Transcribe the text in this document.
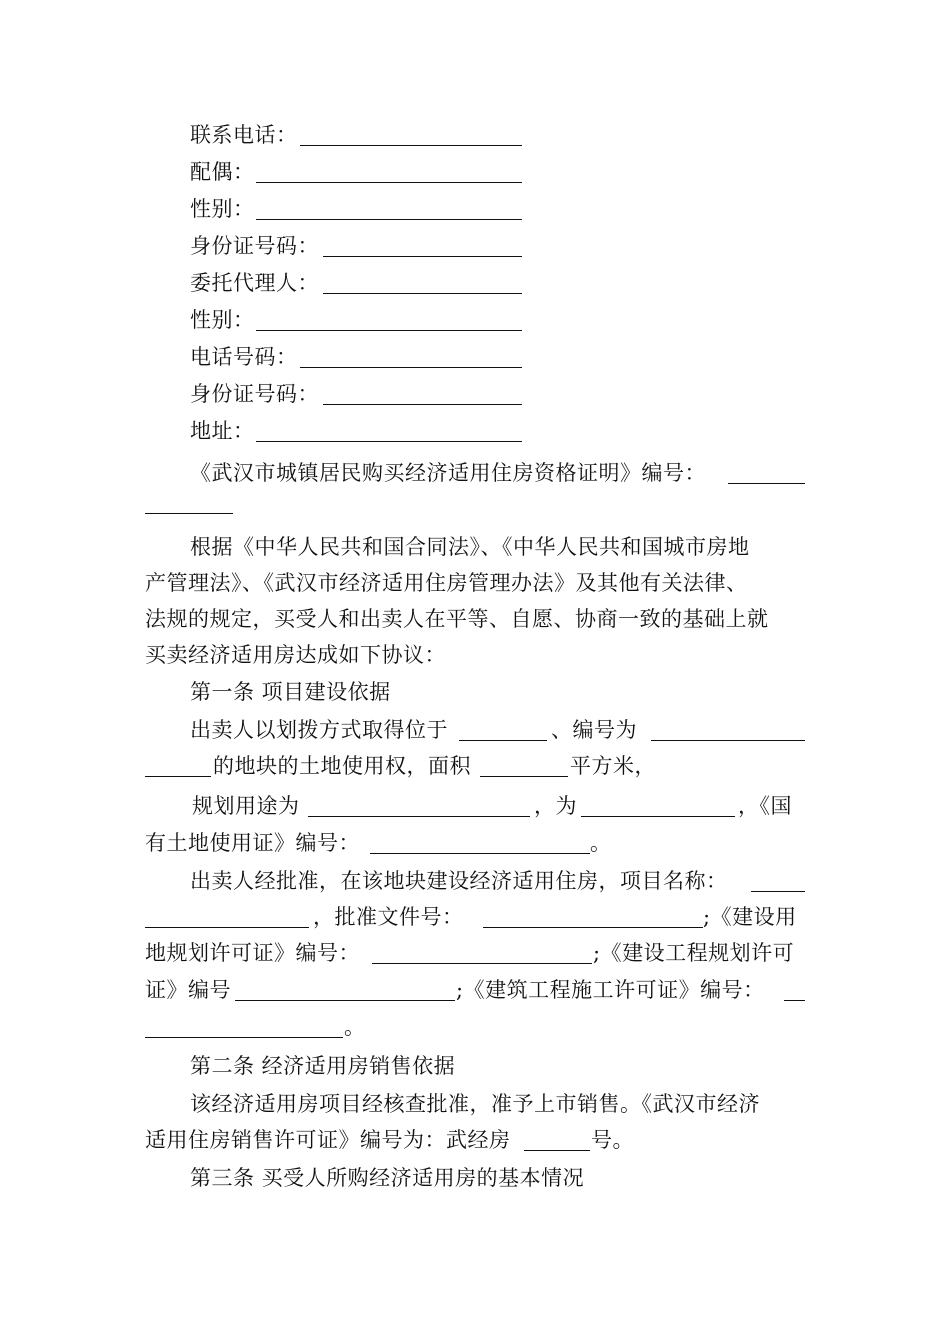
联系电话：
配偶：
性别：
身份证号码：
委托代理人：
性别：
电话号码：
身份证号码：
地址：
《武汉市城镇居民购买经济适用住房资格证明》编号：
根据《中华人民共和国合同法》、《中华人民共和国城市房地
产管理法》、《武汉市经济适用住房管理办法》及其他有关法律、
法规的规定，买受人和出卖人在平等、自愿、协商一致的基础上就
买卖经济适用房达成如下协议：
第一条 项目建设依据
出卖人以划拨方式取得位于	、编号为
的地块的土地使用权，面积	平方米，
规划用途为	，为	，《国
有土地使用证》编号：	。
出卖人经批准，在该地块建设经济适用住房，项目名称：
，批准文件号：	;《建设用
地规划许可证》编号：	;《建设工程规划许可
证》编号	;《建筑工程施工许可证》编号：
。
第二条 经济适用房销售依据
该经济适用房项目经核查批准，准予上市销售。《武汉市经济
适用住房销售许可证》编号为：武经房	号。
第三条 买受人所购经济适用房的基本情况
